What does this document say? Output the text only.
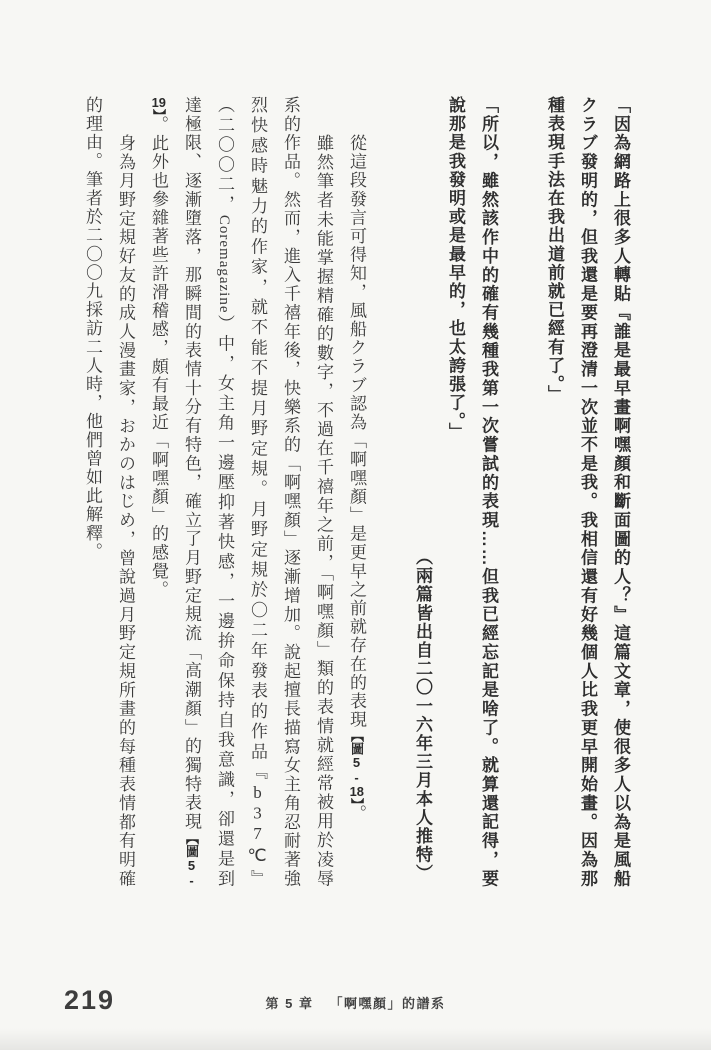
「因為網路上很多人轉貼『誰是最早畫啊嘿顏和斷面圖的人？』這篇文章，使很多人以為是風船
クラブ發明的，但我還是要再澄清一次並不是我。我相信還有好幾個人比我更早開始畫。因為那
種表現手法在我出道前就已經有了。」
「所以，雖然該作中的確有幾種我第一次嘗試的表現……但我已經忘記是啥了。就算還記得，要
說那是我發明或是最早的，也太誇張了。」
（兩篇皆出自二〇一六年三月本人推特）
從這段發言可得知，風船クラブ認為「啊嘿顏」是更早之前就存在的表現【圖5-18】。
雖然筆者未能掌握精確的數字，不過在千禧年之前，「啊嘿顏」類的表情就經常被用於凌辱
系的作品。然而，進入千禧年後，快樂系的「啊嘿顏」逐漸增加。說起擅長描寫女主角忍耐著強
烈快感時魅力的作家，就不能不提月野定規。月野定規於〇二年發表的作品『b37℃』
（二〇〇二，Coremagazine）中，女主角一邊壓抑著快感，一邊拚命保持自我意識，卻還是到
達極限、逐漸墮落，那瞬間的表情十分有特色，確立了月野定規流「高潮顏」的獨特表現【圖5-
19】。此外也參雜著些許滑稽感，頗有最近「啊嘿顏」的感覺。
身為月野定規好友的成人漫畫家，おかのはじめ，曾說過月野定規所畫的每種表情都有明確
的理由。筆者於二〇〇九採訪二人時，他們曾如此解釋。
219	第 5 章 「啊嘿顏」的譜系
